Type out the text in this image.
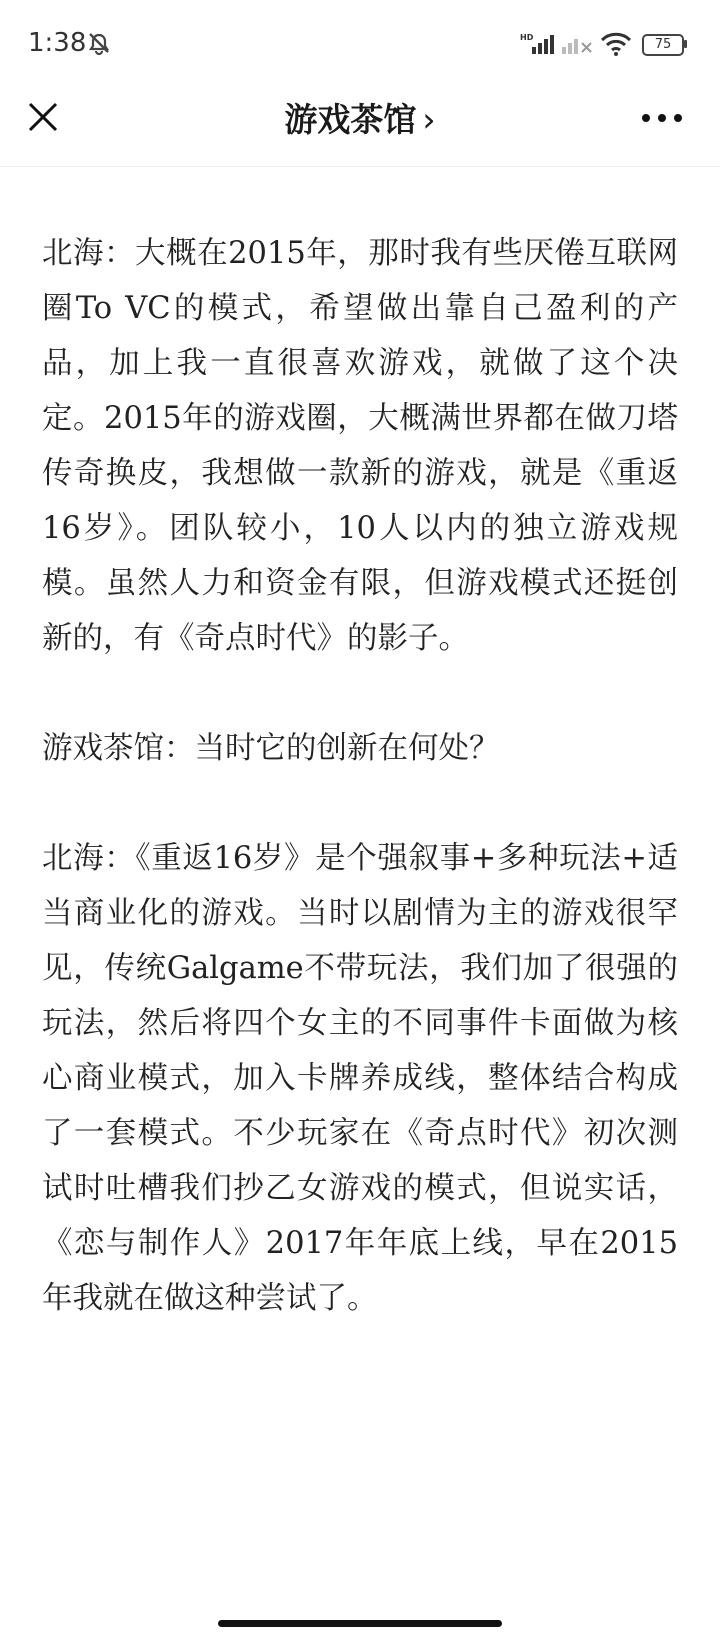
1:38	HD	75
游戏茶馆 ›

北海：大概在2015年，那时我有些厌倦互联网圈To VC的模式，希望做出靠自己盈利的产品，加上我一直很喜欢游戏，就做了这个决定。2015年的游戏圈，大概满世界都在做刀塔传奇换皮，我想做一款新的游戏，就是《重返16岁》。团队较小，10人以内的独立游戏规模。虽然人力和资金有限，但游戏模式还挺创新的，有《奇点时代》的影子。

游戏茶馆：当时它的创新在何处？

北海：《重返16岁》是个强叙事+多种玩法+适当商业化的游戏。当时以剧情为主的游戏很罕见，传统Galgame不带玩法，我们加了很强的玩法，然后将四个女主的不同事件卡面做为核心商业模式，加入卡牌养成线，整体结合构成了一套模式。不少玩家在《奇点时代》初次测试时吐槽我们抄乙女游戏的模式，但说实话，《恋与制作人》2017年年底上线，早在2015年我就在做这种尝试了。
